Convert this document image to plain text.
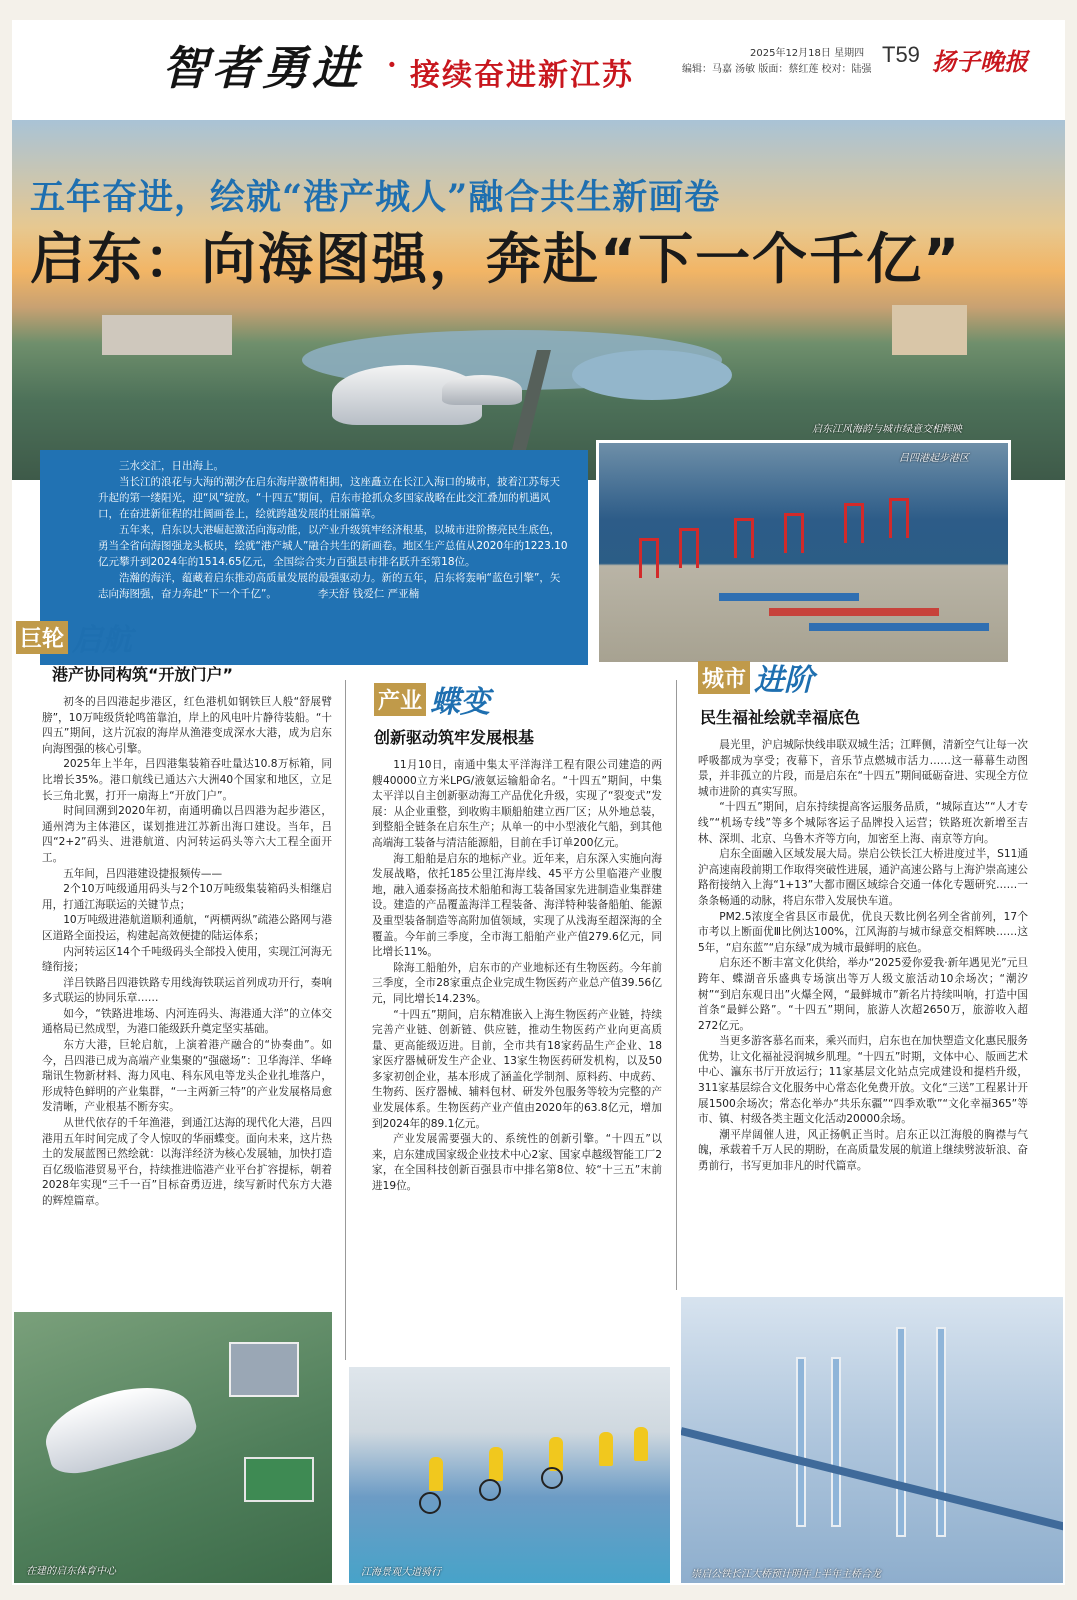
智者勇进 · 接续奋进新江苏
2025年12月18日 星期四
编辑：马嘉 汤敏 版面：蔡红莲 校对：陆强
T59 扬子晚报
启东江风海韵与城市绿意交相辉映
五年奋进，绘就“港产城人”融合共生新画卷
启东：向海图强，奔赴“下一个千亿”

三水交汇，日出海上。

当长江的浪花与大海的潮汐在启东海岸激情相拥，这座矗立在长江入海口的城市，披着江苏每天升起的第一缕阳光，迎“风”绽放。“十四五”期间，启东市抢抓众多国家战略在此交汇叠加的机遇风口，在奋进新征程的壮阔画卷上，绘就跨越发展的壮丽篇章。

五年来，启东以大港崛起激活向海动能，以产业升级筑牢经济根基，以城市进阶擦亮民生底色，勇当全省向海图强龙头板块，绘就“港产城人”融合共生的新画卷。地区生产总值从2020年的1223.10亿元攀升到2024年的1514.65亿元，全国综合实力百强县市排名跃升至第18位。

浩瀚的海洋，蕴藏着启东推动高质量发展的最强驱动力。新的五年，启东将轰响“蓝色引擎”，矢志向海图强，奋力奔赴“下一个千亿”。	李天舒 钱爱仁 严亚楠

吕四港起步港区
巨轮 启航
港产协同构筑“开放门户”

初冬的吕四港起步港区，红色港机如钢铁巨人般“舒展臂膀”，10万吨级货轮鸣笛靠泊，岸上的风电叶片静待装船。“十四五”期间，这片沉寂的海岸从渔港变成深水大港，成为启东向海图强的核心引擎。

2025年上半年，吕四港集装箱吞吐量达10.8万标箱，同比增长35%。港口航线已通达六大洲40个国家和地区，立足长三角北翼，打开一扇海上“开放门户”。

时间回溯到2020年初，南通明确以吕四港为起步港区，通州湾为主体港区，谋划推进江苏新出海口建设。当年，吕四“2+2”码头、进港航道、内河转运码头等六大工程全面开工。

五年间，吕四港建设捷报频传——

2个10万吨级通用码头与2个10万吨级集装箱码头相继启用，打通江海联运的关键节点；

10万吨级进港航道顺利通航，“两横两纵”疏港公路网与港区道路全面投运，构建起高效便捷的陆运体系；

内河转运区14个千吨级码头全部投入使用，实现江河海无缝衔接；

洋吕铁路吕四港铁路专用线海铁联运首列成功开行，奏响多式联运的协同乐章……

如今，“铁路进堆场、内河连码头、海港通大洋”的立体交通格局已然成型，为港口能级跃升奠定坚实基础。

东方大港，巨轮启航，上演着港产融合的“协奏曲”。如今，吕四港已成为高端产业集聚的“强磁场”：卫华海洋、华峰瑞讯生物新材料、海力风电、科东风电等龙头企业扎堆落户，形成特色鲜明的产业集群，“一主两新三特”的产业发展格局愈发清晰，产业根基不断夯实。

从世代依存的千年渔港，到通江达海的现代化大港，吕四港用五年时间完成了令人惊叹的华丽蝶变。面向未来，这片热土的发展蓝图已然绘就：以海洋经济为核心发展轴，加快打造百亿级临港贸易平台，持续推进临港产业平台扩容提标，朝着2028年实现“三千一百”目标奋勇迈进，续写新时代东方大港的辉煌篇章。

产业 蝶变
创新驱动筑牢发展根基

11月10日，南通中集太平洋海洋工程有限公司建造的两艘40000立方米LPG/液氨运输船命名。“十四五”期间，中集太平洋以自主创新驱动海工产品优化升级，实现了“裂变式”发展：从企业重整，到收购丰顺船舶建立西厂区；从外地总装，到整船全链条在启东生产；从单一的中小型液化气船，到其他高端海工装备与清洁能源船，目前在手订单200亿元。

海工船舶是启东的地标产业。近年来，启东深入实施向海发展战略，依托185公里江海岸线、45平方公里临港产业腹地，融入通泰扬高技术船舶和海工装备国家先进制造业集群建设。建造的产品覆盖海洋工程装备、海洋特种装备船舶、能源及重型装备制造等高附加值领域，实现了从浅海至超深海的全覆盖。今年前三季度，全市海工船舶产业产值279.6亿元，同比增长11%。

除海工船舶外，启东市的产业地标还有生物医药。今年前三季度，全市28家重点企业完成生物医药产业总产值39.56亿元，同比增长14.23%。

“十四五”期间，启东精准嵌入上海生物医药产业链，持续完善产业链、创新链、供应链，推动生物医药产业向更高质量、更高能级迈进。目前，全市共有18家药品生产企业、18家医疗器械研发生产企业、13家生物医药研发机构，以及50多家初创企业，基本形成了涵盖化学制剂、原料药、中成药、生物药、医疗器械、辅料包材、研发外包服务等较为完整的产业发展体系。生物医药产业产值由2020年的63.8亿元，增加到2024年的89.1亿元。

产业发展需要强大的、系统性的创新引擎。“十四五”以来，启东建成国家级企业技术中心2家、国家卓越级智能工厂2家，在全国科技创新百强县市中排名第8位、较“十三五”末前进19位。

城市 进阶
民生福祉绘就幸福底色

晨光里，沪启城际快线串联双城生活；江畔侧，清新空气让每一次呼吸都成为享受；夜幕下，音乐节点燃城市活力……这一幕幕生动图景，并非孤立的片段，而是启东在“十四五”期间砥砺奋进、实现全方位城市进阶的真实写照。

“十四五”期间，启东持续提高客运服务品质，“城际直达”“人才专线”“机场专线”等多个城际客运子品牌投入运营；铁路班次新增至吉林、深圳、北京、乌鲁木齐等方向，加密至上海、南京等方向。

启东全面融入区域发展大局。崇启公铁长江大桥进度过半，S11通沪高速南段前期工作取得突破性进展，通沪高速公路与上海沪崇高速公路衔接纳入上海“1+13”大都市圈区域综合交通一体化专题研究……一条条畅通的动脉，将启东带入发展快车道。

PM2.5浓度全省县区市最优，优良天数比例名列全省前列，17个市考以上断面优Ⅲ比例达100%，江风海韵与城市绿意交相辉映……这5年，“启东蓝”“启东绿”成为城市最鲜明的底色。

启东还不断丰富文化供给，举办“2025爱你爱我·新年遇见光”元旦跨年、蝶湖音乐盛典专场演出等万人级文旅活动10余场次；“潮汐树”“到启东观日出”火爆全网，“最鲜城市”新名片持续叫响，打造中国首条“最鲜公路”。“十四五”期间，旅游人次超2650万，旅游收入超272亿元。

当更多游客慕名而来，乘兴而归，启东也在加快塑造文化惠民服务优势，让文化福祉浸润城乡肌理。“十四五”时期，文体中心、版画艺术中心、瀛东书厅开放运行；11家基层文化站点完成建设和提档升级，311家基层综合文化服务中心常态化免费开放。文化“三送”工程累计开展1500余场次；常态化举办“共乐东疆”“四季欢歌”“文化幸福365”等市、镇、村级各类主题文化活动20000余场。

潮平岸阔催人进，风正扬帆正当时。启东正以江海般的胸襟与气魄，承载着千万人民的期盼，在高质量发展的航道上继续劈波斩浪、奋勇前行，书写更加非凡的时代篇章。

在建的启东体育中心	江海景观大道骑行	崇启公铁长江大桥预计明年上半年主桥合龙
